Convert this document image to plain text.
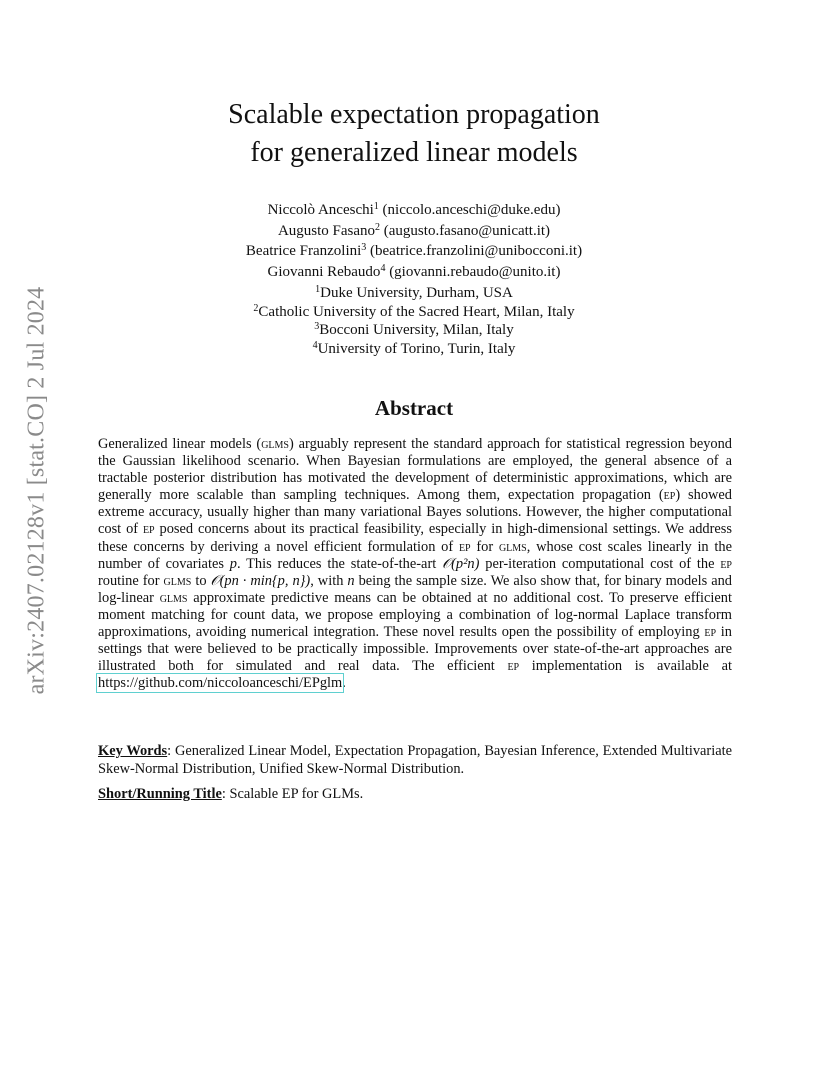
arXiv:2407.02128v1 [stat.CO] 2 Jul 2024
Scalable expectation propagation
for generalized linear models
Niccolò Anceschi$^1$ (niccolo.anceschi@duke.edu)
Augusto Fasano$^2$ (augusto.fasano@unicatt.it)
Beatrice Franzolini$^3$ (beatrice.franzolini@unibocconi.it)
Giovanni Rebaudo$^4$ (giovanni.rebaudo@unito.it)
$^1$Duke University, Durham, USA
$^2$Catholic University of the Sacred Heart, Milan, Italy
$^3$Bocconi University, Milan, Italy
$^4$University of Torino, Turin, Italy
Abstract
Generalized linear models (glms) arguably represent the standard approach for statistical regression beyond the Gaussian likelihood scenario. When Bayesian formulations are employed, the general absence of a tractable posterior distribution has motivated the development of deterministic approximations, which are generally more scalable than sampling techniques. Among them, expectation propagation (ep) showed extreme accuracy, usually higher than many variational Bayes solutions. However, the higher computational cost of ep posed concerns about its practical feasibility, especially in high-dimensional settings. We address these concerns by deriving a novel efficient formulation of ep for glms, whose cost scales linearly in the number of covariates p. This reduces the state-of-the-art 𝒪(p²n) per-iteration computational cost of the ep routine for glms to 𝒪(pn · min{p, n}), with n being the sample size. We also show that, for binary models and log-linear glms approximate predictive means can be obtained at no additional cost. To preserve efficient moment matching for count data, we propose employing a combination of log-normal Laplace transform approximations, avoiding numerical integration. These novel results open the possibility of employing ep in settings that were believed to be practically impossible. Improvements over state-of-the-art approaches are illustrated both for simulated and real data. The efficient ep implementation is available at https://github.com/niccoloanceschi/EPglm.
Key Words: Generalized Linear Model, Expectation Propagation, Bayesian Inference, Extended Multivariate Skew-Normal Distribution, Unified Skew-Normal Distribution.
Short/Running Title: Scalable EP for GLMs.
